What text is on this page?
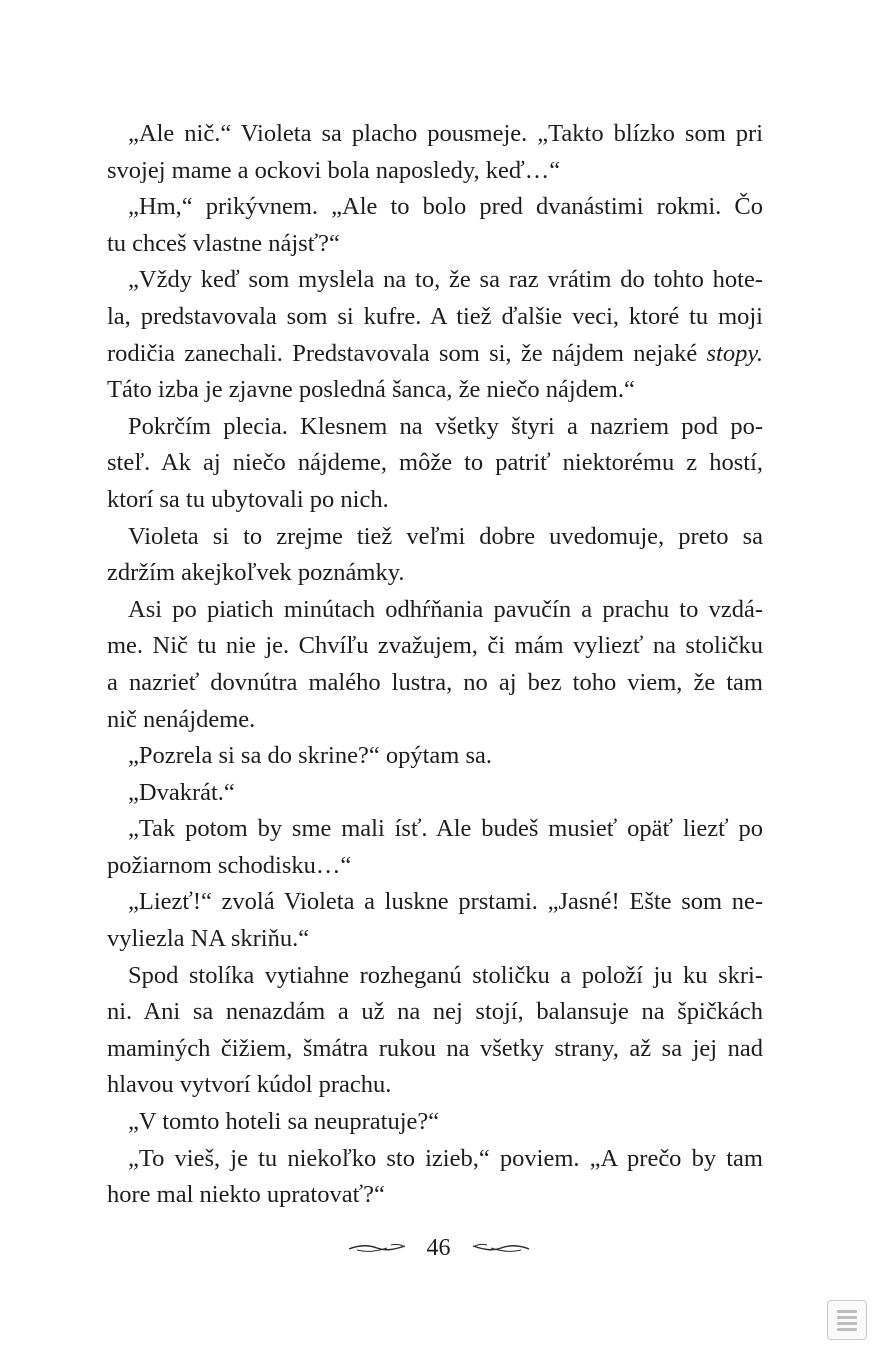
„Ale nič.“ Violeta sa placho pousmeje. „Takto blízko som pri
svojej mame a ockovi bola naposledy, keď…“
„Hm,“ prikývnem. „Ale to bolo pred dvanástimi rokmi. Čo
tu chceš vlastne nájsť?“
„Vždy keď som myslela na to, že sa raz vrátim do tohto hote-
la, predstavovala som si kufre. A tiež ďalšie veci, ktoré tu moji
rodičia zanechali. Predstavovala som si, že nájdem nejaké stopy.
Táto izba je zjavne posledná šanca, že niečo nájdem.“
Pokrčím plecia. Klesnem na všetky štyri a nazriem pod po-
steľ. Ak aj niečo nájdeme, môže to patriť niektorému z hostí,
ktorí sa tu ubytovali po nich.
Violeta si to zrejme tiež veľmi dobre uvedomuje, preto sa
zdržím akejkoľvek poznámky.
Asi po piatich minútach odhŕňania pavučín a prachu to vzdá-
me. Nič tu nie je. Chvíľu zvažujem, či mám vyliezť na stoličku
a nazrieť dovnútra malého lustra, no aj bez toho viem, že tam
nič nenájdeme.
„Pozrela si sa do skrine?“ opýtam sa.
„Dvakrát.“
„Tak potom by sme mali ísť. Ale budeš musieť opäť liezť po
požiarnom schodisku…“
„Liezť!“ zvolá Violeta a luskne prstami. „Jasné! Ešte som ne-
vyliezla NA skriňu.“
Spod stolíka vytiahne rozheganú stoličku a položí ju ku skri-
ni. Ani sa nenazdám a už na nej stojí, balansuje na špičkách
maminých čižiem, šmátra rukou na všetky strany, až sa jej nad
hlavou vytvorí kúdol prachu.
„V tomto hoteli sa neupratuje?“
„To vieš, je tu niekoľko sto izieb,“ poviem. „A prečo by tam
hore mal niekto upratovať?“
46
